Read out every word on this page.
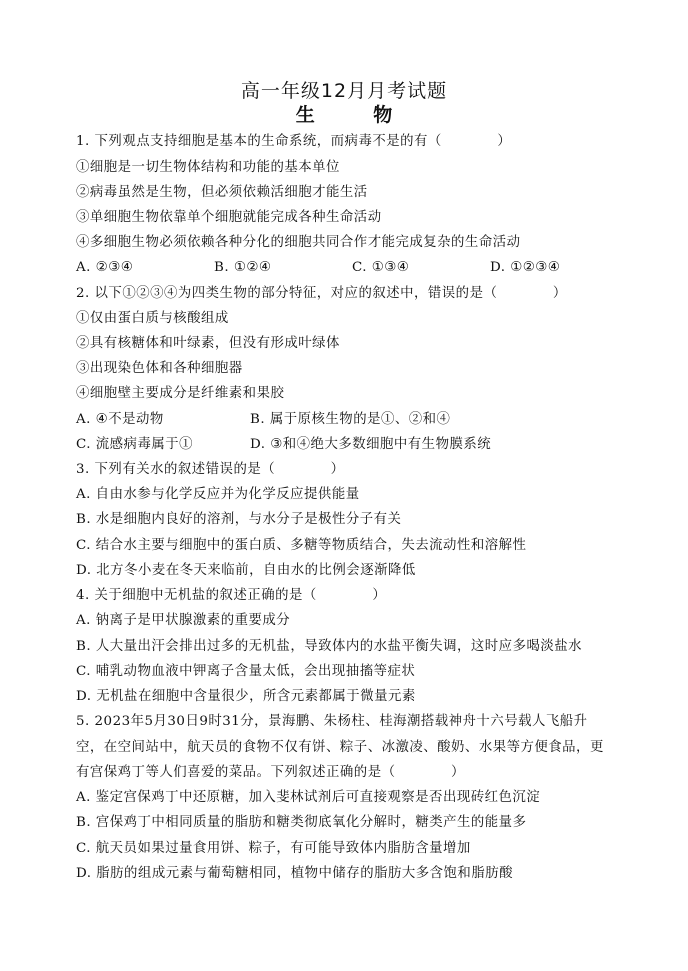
高一年级12月月考试题
生 物
1. 下列观点支持细胞是基本的生命系统，而病毒不是的有（　　　　）
①细胞是一切生物体结构和功能的基本单位
②病毒虽然是生物，但必须依赖活细胞才能生活
③单细胞生物依靠单个细胞就能完成各种生命活动
④多细胞生物必须依赖各种分化的细胞共同合作才能完成复杂的生命活动
A. ②③④	B. ①②④	C. ①③④	D. ①②③④
2. 以下①②③④为四类生物的部分特征，对应的叙述中，错误的是（　　　　）
①仅由蛋白质与核酸组成
②具有核糖体和叶绿素，但没有形成叶绿体
③出现染色体和各种细胞器
④细胞壁主要成分是纤维素和果胶
A. ④不是动物	B. 属于原核生物的是①、②和④
C. 流感病毒属于①	D. ③和④绝大多数细胞中有生物膜系统
3. 下列有关水的叙述错误的是（　　　　）
A. 自由水参与化学反应并为化学反应提供能量
B. 水是细胞内良好的溶剂，与水分子是极性分子有关
C. 结合水主要与细胞中的蛋白质、多糖等物质结合，失去流动性和溶解性
D. 北方冬小麦在冬天来临前，自由水的比例会逐渐降低
4. 关于细胞中无机盐的叙述正确的是（　　　　）
A. 钠离子是甲状腺激素的重要成分
B. 人大量出汗会排出过多的无机盐，导致体内的水盐平衡失调，这时应多喝淡盐水
C. 哺乳动物血液中钾离子含量太低，会出现抽搐等症状
D. 无机盐在细胞中含量很少，所含元素都属于微量元素
5. 2023年5月30日9时31分，景海鹏、朱杨柱、桂海潮搭载神舟十六号载人飞船升
空，在空间站中，航天员的食物不仅有饼、粽子、冰激凌、酸奶、水果等方便食品，更
有宫保鸡丁等人们喜爱的菜品。下列叙述正确的是（　　　　）
A. 鉴定宫保鸡丁中还原糖，加入斐林试剂后可直接观察是否出现砖红色沉淀
B. 宫保鸡丁中相同质量的脂肪和糖类彻底氧化分解时，糖类产生的能量多
C. 航天员如果过量食用饼、粽子，有可能导致体内脂肪含量增加
D. 脂肪的组成元素与葡萄糖相同，植物中储存的脂肪大多含饱和脂肪酸
